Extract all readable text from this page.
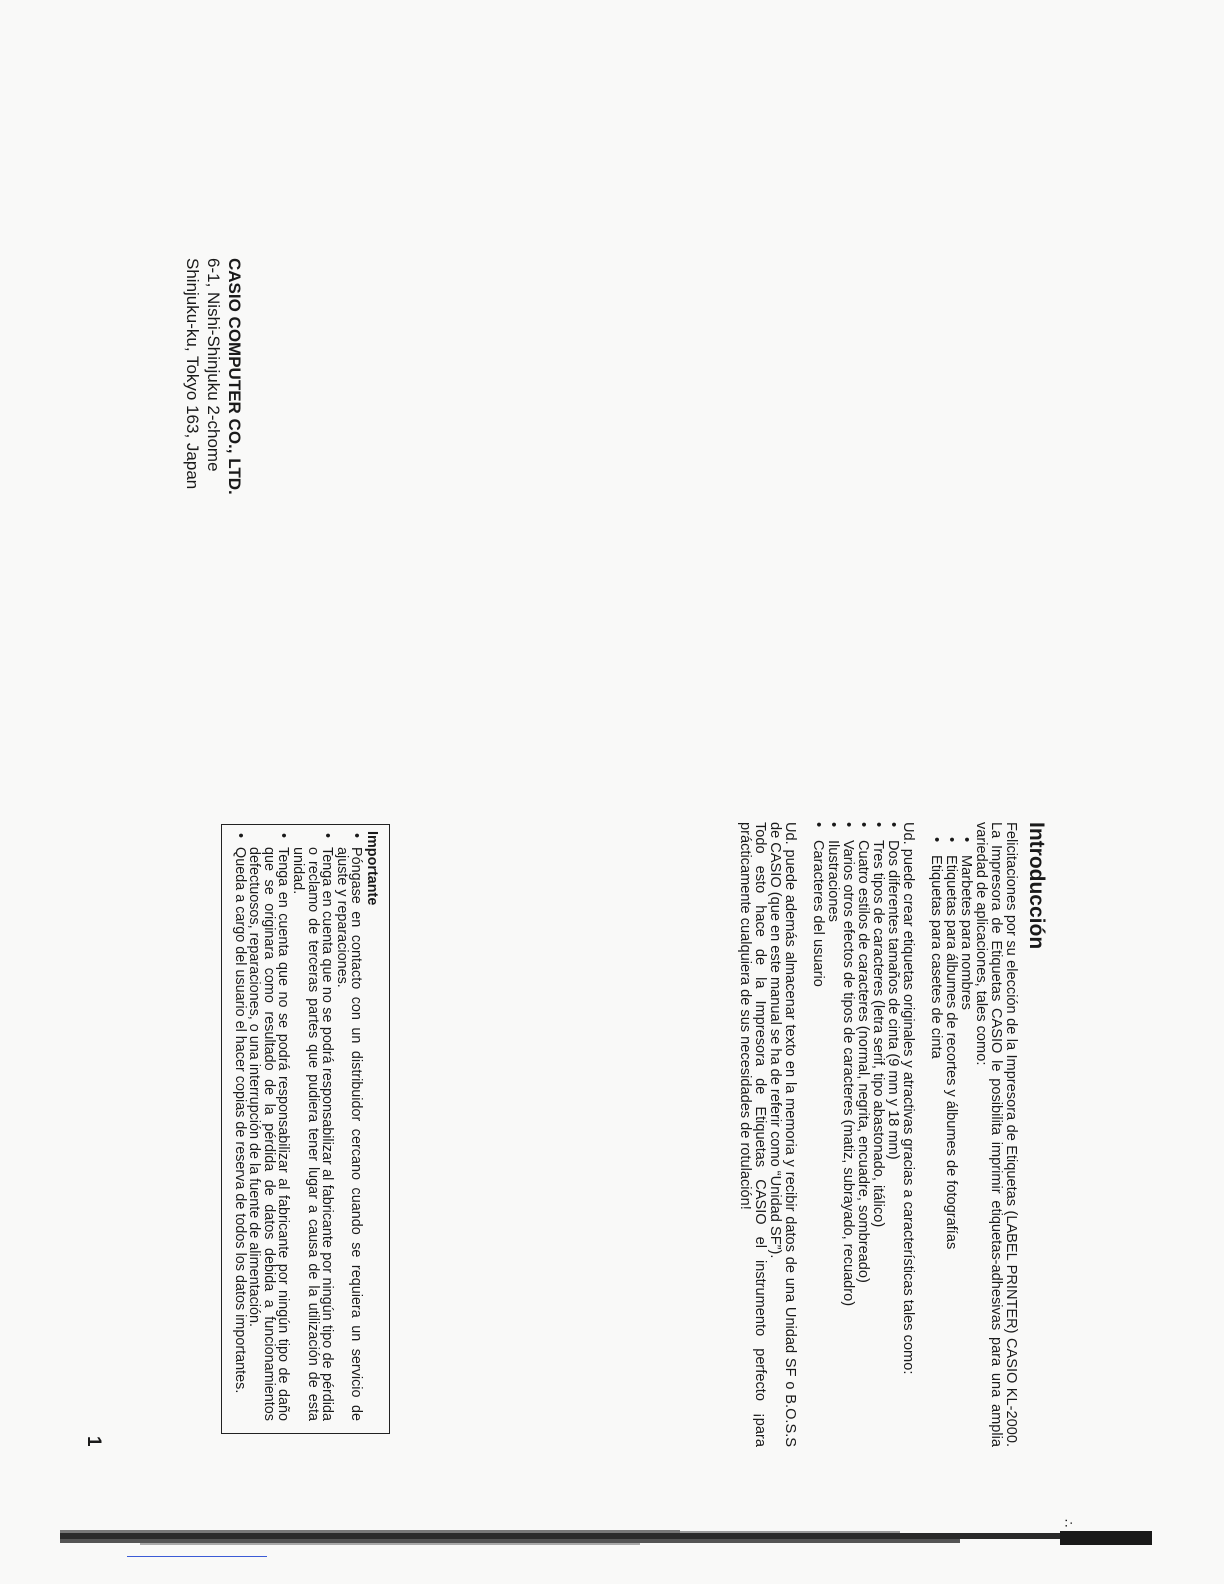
CASIO COMPUTER CO., LTD.
6-1, Nishi-Shinjuku 2-chome
Shinjuku-ku, Tokyo 163, Japan
Introducción

Felicitaciones por su elección de la Impresora de Etiquetas (LABEL PRINTER) CASIO KL-2000. La Impresora de Etiquetas CASIO le posibilita imprimir etiquetas-adhesivas para una amplia variedad de aplicaciones, tales como:

• Marbetes para nombres
• Etiquetas para álbumes de recortes y álbumes de fotografías
• Etiquetas para casetes de cinta

Ud. puede crear etiquetas originales y atractivas gracias a características tales como:

• Dos diferentes tamaños de cinta (9 mm y 18 mm)
• Tres tipos de caracteres (letra serif, tipo abastonado, itálico)
• Cuatro estilos de caracteres (normal, negrita, encuadre, sombreado)
• Varios otros efectos de tipos de caracteres (matiz, subrayado, recuadro)
• Ilustraciones
• Caracteres del usuario

Ud. puede además almacenar texto en la memoria y recibir datos de una Unidad SF o B.O.S.S de CASIO (que en este manual se ha de referir como “Unidad SF”).

Todo esto hace de la Impresora de Etiquetas CASIO el instrumento perfecto ¡para prácticamente cualquiera de sus necesidades de rotulación!

Importante
• Póngase en contacto con un distribuidor cercano cuando se requiera un servicio de ajuste y reparaciones.
• Tenga en cuenta que no se podrá responsabilizar al fabricante por ningún tipo de pérdida o reclamo de terceras partes que pudiera tener lugar a causa de la utilización de esta unidad.
• Tenga en cuenta que no se podrá responsabilizar al fabricante por ningún tipo de daño que se originara como resultado de la pérdida de datos debida a funcionamientos defectuosos, reparaciones, o una interrupción de la fuente de alimentación.
• Queda a cargo del usuario el hacer copias de reserva de todos los datos importantes.
1
∴
